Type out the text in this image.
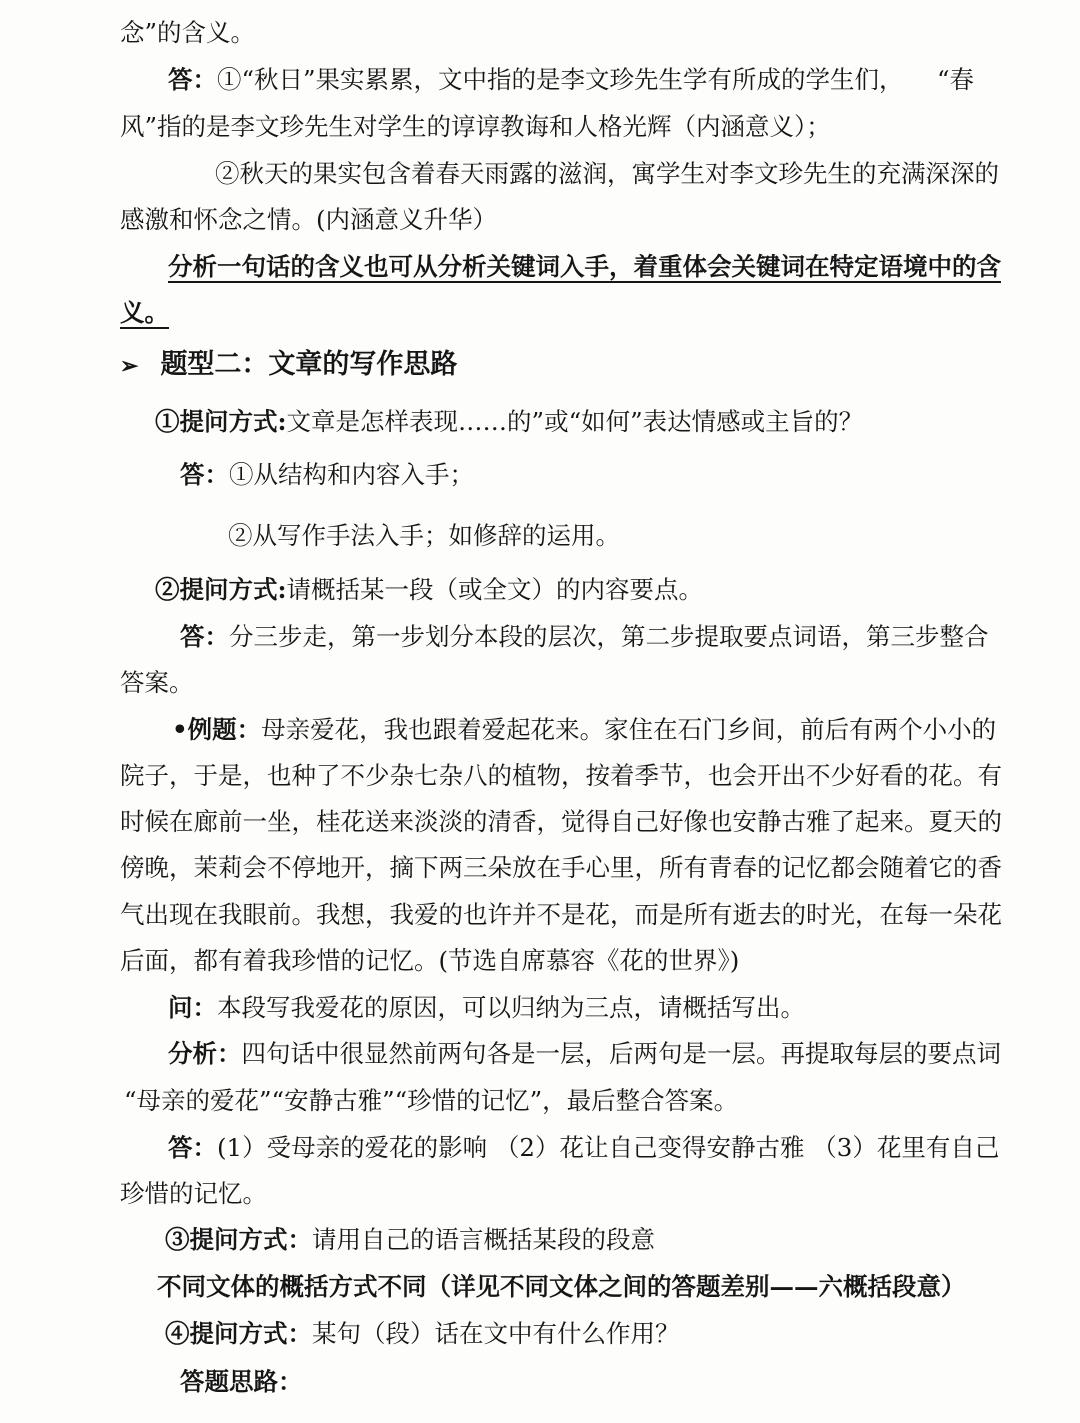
念”的含义。
答：①“秋日”果实累累，文中指的是李文珍先生学有所成的学生们， “春
风”指的是李文珍先生对学生的谆谆教诲和人格光辉（内涵意义）；
②秋天的果实包含着春天雨露的滋润，寓学生对李文珍先生的充满深深的
感激和怀念之情。(内涵意义升华）
分析一句话的含义也可从分析关键词入手，着重体会关键词在特定语境中的含
义。
➢ 题型二：文章的写作思路
①提问方式:文章是怎样表现……的”或“如何”表达情感或主旨的？
答：①从结构和内容入手；
②从写作手法入手；如修辞的运用。
②提问方式:请概括某一段（或全文）的内容要点。
答：分三步走，第一步划分本段的层次，第二步提取要点词语，第三步整合
答案。
•例题：母亲爱花，我也跟着爱起花来。家住在石门乡间，前后有两个小小的
院子，于是，也种了不少杂七杂八的植物，按着季节，也会开出不少好看的花。有
时候在廊前一坐，桂花送来淡淡的清香，觉得自己好像也安静古雅了起来。夏天的
傍晚，茉莉会不停地开，摘下两三朵放在手心里，所有青春的记忆都会随着它的香
气出现在我眼前。我想，我爱的也许并不是花，而是所有逝去的时光，在每一朵花
后面，都有着我珍惜的记忆。(节选自席慕容《花的世界》)
问：本段写我爱花的原因，可以归纳为三点，请概括写出。
分析：四句话中很显然前两句各是一层，后两句是一层。再提取每层的要点词
“母亲的爱花”“安静古雅”“珍惜的记忆”，最后整合答案。
答：(1）受母亲的爱花的影响 （2）花让自己变得安静古雅 （3）花里有自己
珍惜的记忆。
③提问方式：请用自己的语言概括某段的段意
不同文体的概括方式不同（详见不同文体之间的答题差别——六概括段意）
④提问方式：某句（段）话在文中有什么作用？
答题思路：
